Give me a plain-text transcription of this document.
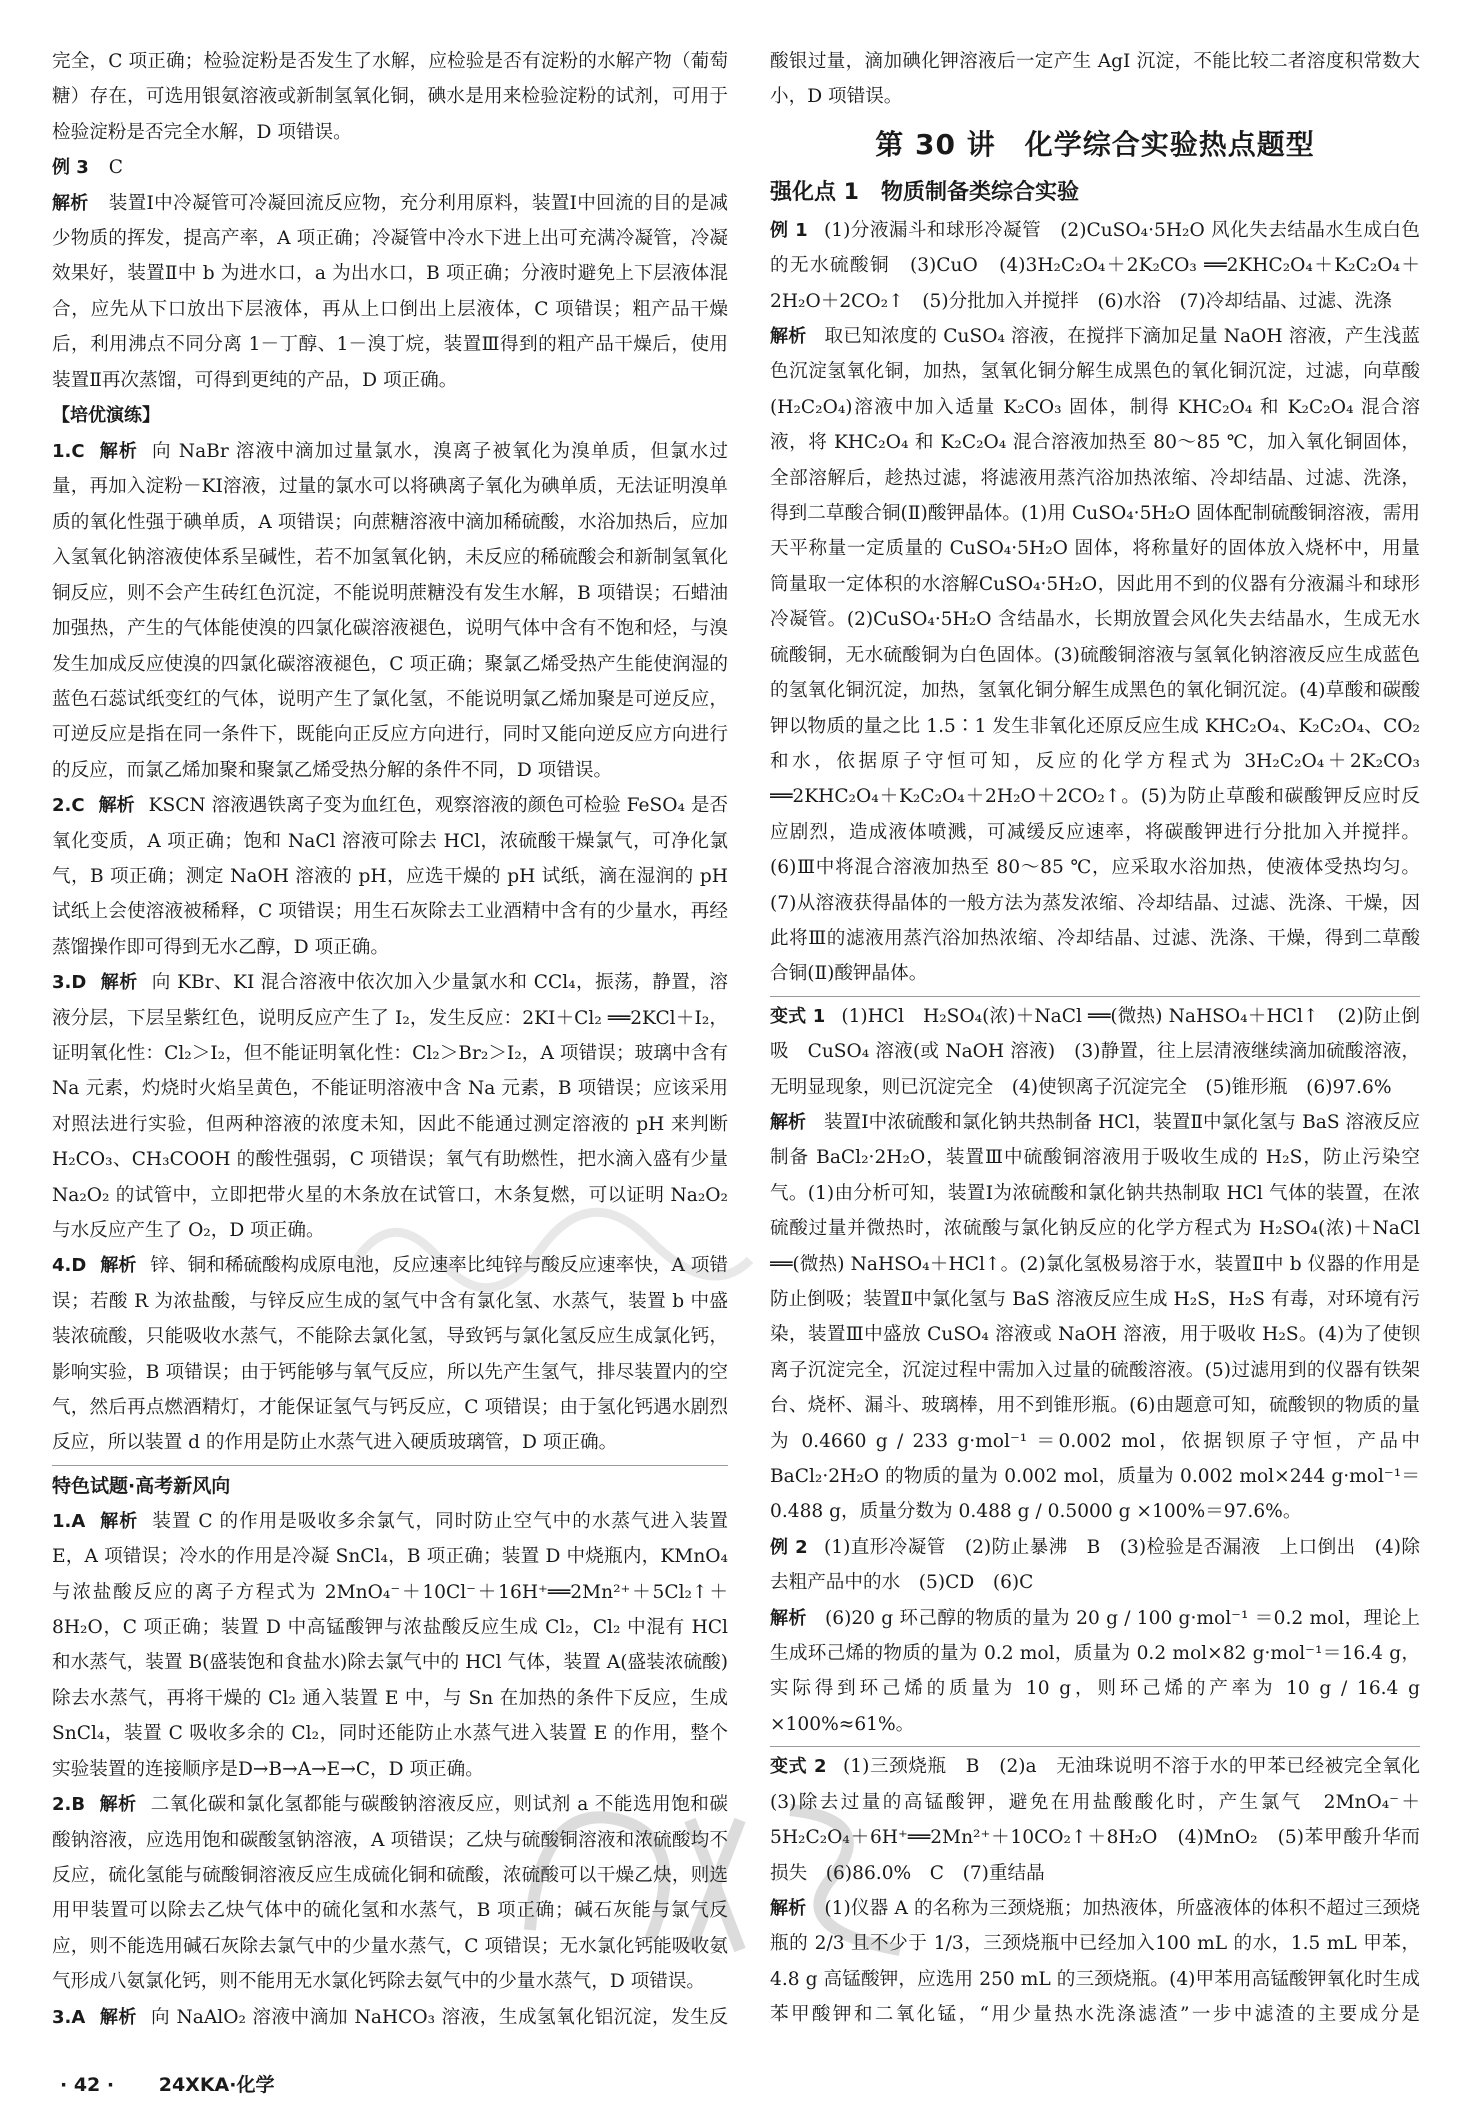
完全，C 项正确；检验淀粉是否发生了水解，应检验是否有淀粉的水解产物（葡萄糖）存在，可选用银氨溶液或新制氢氧化铜，碘水是用来检验淀粉的试剂，可用于检验淀粉是否完全水解，D 项错误。

例 3 C

解析 装置Ⅰ中冷凝管可冷凝回流反应物，充分利用原料，装置Ⅰ中回流的目的是减少物质的挥发，提高产率，A 项正确；冷凝管中冷水下进上出可充满冷凝管，冷凝效果好，装置Ⅱ中 b 为进水口，a 为出水口，B 项正确；分液时避免上下层液体混合，应先从下口放出下层液体，再从上口倒出上层液体，C 项错误；粗产品干燥后，利用沸点不同分离 1－丁醇、1－溴丁烷，装置Ⅲ得到的粗产品干燥后，使用装置Ⅱ再次蒸馏，可得到更纯的产品，D 项正确。

【培优演练】

1.C 解析 向 NaBr 溶液中滴加过量氯水，溴离子被氧化为溴单质，但氯水过量，再加入淀粉－KI溶液，过量的氯水可以将碘离子氧化为碘单质，无法证明溴单质的氧化性强于碘单质，A 项错误；向蔗糖溶液中滴加稀硫酸，水浴加热后，应加入氢氧化钠溶液使体系呈碱性，若不加氢氧化钠，未反应的稀硫酸会和新制氢氧化铜反应，则不会产生砖红色沉淀，不能说明蔗糖没有发生水解，B 项错误；石蜡油加强热，产生的气体能使溴的四氯化碳溶液褪色，说明气体中含有不饱和烃，与溴发生加成反应使溴的四氯化碳溶液褪色，C 项正确；聚氯乙烯受热产生能使润湿的蓝色石蕊试纸变红的气体，说明产生了氯化氢，不能说明氯乙烯加聚是可逆反应，可逆反应是指在同一条件下，既能向正反应方向进行，同时又能向逆反应方向进行的反应，而氯乙烯加聚和聚氯乙烯受热分解的条件不同，D 项错误。

2.C 解析 KSCN 溶液遇铁离子变为血红色，观察溶液的颜色可检验 FeSO₄ 是否氧化变质，A 项正确；饱和 NaCl 溶液可除去 HCl，浓硫酸干燥氯气，可净化氯气，B 项正确；测定 NaOH 溶液的 pH，应选干燥的 pH 试纸，滴在湿润的 pH 试纸上会使溶液被稀释，C 项错误；用生石灰除去工业酒精中含有的少量水，再经蒸馏操作即可得到无水乙醇，D 项正确。

3.D 解析 向 KBr、KI 混合溶液中依次加入少量氯水和 CCl₄，振荡，静置，溶液分层，下层呈紫红色，说明反应产生了 I₂，发生反应：2KI＋Cl₂ ══2KCl＋I₂，证明氧化性：Cl₂＞I₂，但不能证明氧化性：Cl₂＞Br₂＞I₂，A 项错误；玻璃中含有 Na 元素，灼烧时火焰呈黄色，不能证明溶液中含 Na 元素，B 项错误；应该采用对照法进行实验，但两种溶液的浓度未知，因此不能通过测定溶液的 pH 来判断 H₂CO₃、CH₃COOH 的酸性强弱，C 项错误；氧气有助燃性，把水滴入盛有少量 Na₂O₂ 的试管中，立即把带火星的木条放在试管口，木条复燃，可以证明 Na₂O₂ 与水反应产生了 O₂，D 项正确。

4.D 解析 锌、铜和稀硫酸构成原电池，反应速率比纯锌与酸反应速率快，A 项错误；若酸 R 为浓盐酸，与锌反应生成的氢气中含有氯化氢、水蒸气，装置 b 中盛装浓硫酸，只能吸收水蒸气，不能除去氯化氢，导致钙与氯化氢反应生成氯化钙，影响实验，B 项错误；由于钙能够与氧气反应，所以先产生氢气，排尽装置内的空气，然后再点燃酒精灯，才能保证氢气与钙反应，C 项错误；由于氢化钙遇水剧烈反应，所以装置 d 的作用是防止水蒸气进入硬质玻璃管，D 项正确。

特色试题·高考新风向

1.A 解析 装置 C 的作用是吸收多余氯气，同时防止空气中的水蒸气进入装置 E，A 项错误；冷水的作用是冷凝 SnCl₄，B 项正确；装置 D 中烧瓶内，KMnO₄ 与浓盐酸反应的离子方程式为 2MnO₄⁻＋10Cl⁻＋16H⁺══2Mn²⁺＋5Cl₂↑＋8H₂O，C 项正确；装置 D 中高锰酸钾与浓盐酸反应生成 Cl₂，Cl₂ 中混有 HCl 和水蒸气，装置 B(盛装饱和食盐水)除去氯气中的 HCl 气体，装置 A(盛装浓硫酸)除去水蒸气，再将干燥的 Cl₂ 通入装置 E 中，与 Sn 在加热的条件下反应，生成 SnCl₄，装置 C 吸收多余的 Cl₂，同时还能防止水蒸气进入装置 E 的作用，整个实验装置的连接顺序是D→B→A→E→C，D 项正确。

2.B 解析 二氧化碳和氯化氢都能与碳酸钠溶液反应，则试剂 a 不能选用饱和碳酸钠溶液，应选用饱和碳酸氢钠溶液，A 项错误；乙炔与硫酸铜溶液和浓硫酸均不反应，硫化氢能与硫酸铜溶液反应生成硫化铜和硫酸，浓硫酸可以干燥乙炔，则选用甲装置可以除去乙炔气体中的硫化氢和水蒸气，B 项正确；碱石灰能与氯气反应，则不能选用碱石灰除去氯气中的少量水蒸气，C 项错误；无水氯化钙能吸收氨气形成八氨氯化钙，则不能用无水氯化钙除去氨气中的少量水蒸气，D 项错误。

3.A 解析 向 NaAlO₂ 溶液中滴加 NaHCO₃ 溶液，生成氢氧化铝沉淀，发生反

酸银过量，滴加碘化钾溶液后一定产生 AgI 沉淀，不能比较二者溶度积常数大小，D 项错误。

第 30 讲　化学综合实验热点题型
强化点 1　物质制备类综合实验

例 1 (1)分液漏斗和球形冷凝管　(2)CuSO₄·5H₂O 风化失去结晶水生成白色的无水硫酸铜　(3)CuO　(4)3H₂C₂O₄＋2K₂CO₃ ══2KHC₂O₄＋K₂C₂O₄＋2H₂O＋2CO₂↑　(5)分批加入并搅拌　(6)水浴　(7)冷却结晶、过滤、洗涤

解析 取已知浓度的 CuSO₄ 溶液，在搅拌下滴加足量 NaOH 溶液，产生浅蓝色沉淀氢氧化铜，加热，氢氧化铜分解生成黑色的氧化铜沉淀，过滤，向草酸(H₂C₂O₄)溶液中加入适量 K₂CO₃ 固体，制得 KHC₂O₄ 和 K₂C₂O₄ 混合溶液，将 KHC₂O₄ 和 K₂C₂O₄ 混合溶液加热至 80～85 ℃，加入氧化铜固体，全部溶解后，趁热过滤，将滤液用蒸汽浴加热浓缩、冷却结晶、过滤、洗涤，得到二草酸合铜(Ⅱ)酸钾晶体。(1)用 CuSO₄·5H₂O 固体配制硫酸铜溶液，需用天平称量一定质量的 CuSO₄·5H₂O 固体，将称量好的固体放入烧杯中，用量筒量取一定体积的水溶解CuSO₄·5H₂O，因此用不到的仪器有分液漏斗和球形冷凝管。(2)CuSO₄·5H₂O 含结晶水，长期放置会风化失去结晶水，生成无水硫酸铜，无水硫酸铜为白色固体。(3)硫酸铜溶液与氢氧化钠溶液反应生成蓝色的氢氧化铜沉淀，加热，氢氧化铜分解生成黑色的氧化铜沉淀。(4)草酸和碳酸钾以物质的量之比 1.5∶1 发生非氧化还原反应生成 KHC₂O₄、K₂C₂O₄、CO₂ 和水，依据原子守恒可知，反应的化学方程式为 3H₂C₂O₄＋2K₂CO₃ ══2KHC₂O₄＋K₂C₂O₄＋2H₂O＋2CO₂↑。(5)为防止草酸和碳酸钾反应时反应剧烈，造成液体喷溅，可减缓反应速率，将碳酸钾进行分批加入并搅拌。(6)Ⅲ中将混合溶液加热至 80～85 ℃，应采取水浴加热，使液体受热均匀。(7)从溶液获得晶体的一般方法为蒸发浓缩、冷却结晶、过滤、洗涤、干燥，因此将Ⅲ的滤液用蒸汽浴加热浓缩、冷却结晶、过滤、洗涤、干燥，得到二草酸合铜(Ⅱ)酸钾晶体。

变式 1 (1)HCl　H₂SO₄(浓)＋NaCl ══(微热) NaHSO₄＋HCl↑　(2)防止倒吸　CuSO₄ 溶液(或 NaOH 溶液)　(3)静置，往上层清液继续滴加硫酸溶液，无明显现象，则已沉淀完全　(4)使钡离子沉淀完全　(5)锥形瓶　(6)97.6%

解析 装置Ⅰ中浓硫酸和氯化钠共热制备 HCl，装置Ⅱ中氯化氢与 BaS 溶液反应制备 BaCl₂·2H₂O，装置Ⅲ中硫酸铜溶液用于吸收生成的 H₂S，防止污染空气。(1)由分析可知，装置Ⅰ为浓硫酸和氯化钠共热制取 HCl 气体的装置，在浓硫酸过量并微热时，浓硫酸与氯化钠反应的化学方程式为 H₂SO₄(浓)＋NaCl ══(微热) NaHSO₄＋HCl↑。(2)氯化氢极易溶于水，装置Ⅱ中 b 仪器的作用是防止倒吸；装置Ⅱ中氯化氢与 BaS 溶液反应生成 H₂S，H₂S 有毒，对环境有污染，装置Ⅲ中盛放 CuSO₄ 溶液或 NaOH 溶液，用于吸收 H₂S。(4)为了使钡离子沉淀完全，沉淀过程中需加入过量的硫酸溶液。(5)过滤用到的仪器有铁架台、烧杯、漏斗、玻璃棒，用不到锥形瓶。(6)由题意可知，硫酸钡的物质的量为 0.4660 g / 233 g·mol⁻¹ ＝0.002 mol，依据钡原子守恒，产品中 BaCl₂·2H₂O 的物质的量为 0.002 mol，质量为 0.002 mol×244 g·mol⁻¹＝0.488 g，质量分数为 0.488 g / 0.5000 g ×100%＝97.6%。

例 2 (1)直形冷凝管　(2)防止暴沸　B　(3)检验是否漏液　上口倒出　(4)除去粗产品中的水　(5)CD　(6)C

解析 (6)20 g 环己醇的物质的量为 20 g / 100 g·mol⁻¹ ＝0.2 mol，理论上生成环己烯的物质的量为 0.2 mol，质量为 0.2 mol×82 g·mol⁻¹＝16.4 g，实际得到环己烯的质量为 10 g，则环己烯的产率为 10 g / 16.4 g ×100%≈61%。

变式 2 (1)三颈烧瓶　B　(2)a　无油珠说明不溶于水的甲苯已经被完全氧化　(3)除去过量的高锰酸钾，避免在用盐酸酸化时，产生氯气　2MnO₄⁻＋5H₂C₂O₄＋6H⁺══2Mn²⁺＋10CO₂↑＋8H₂O　(4)MnO₂　(5)苯甲酸升华而损失　(6)86.0%　C　(7)重结晶

解析 (1)仪器 A 的名称为三颈烧瓶；加热液体，所盛液体的体积不超过三颈烧瓶的 2/3 且不少于 1/3，三颈烧瓶中已经加入100 mL 的水，1.5 mL 甲苯，4.8 g 高锰酸钾，应选用 250 mL 的三颈烧瓶。(4)甲苯用高锰酸钾氧化时生成苯甲酸钾和二氧化锰，“用少量热水洗涤滤渣”一步中滤渣的主要成分是

· 42 · 24XKA·化学
